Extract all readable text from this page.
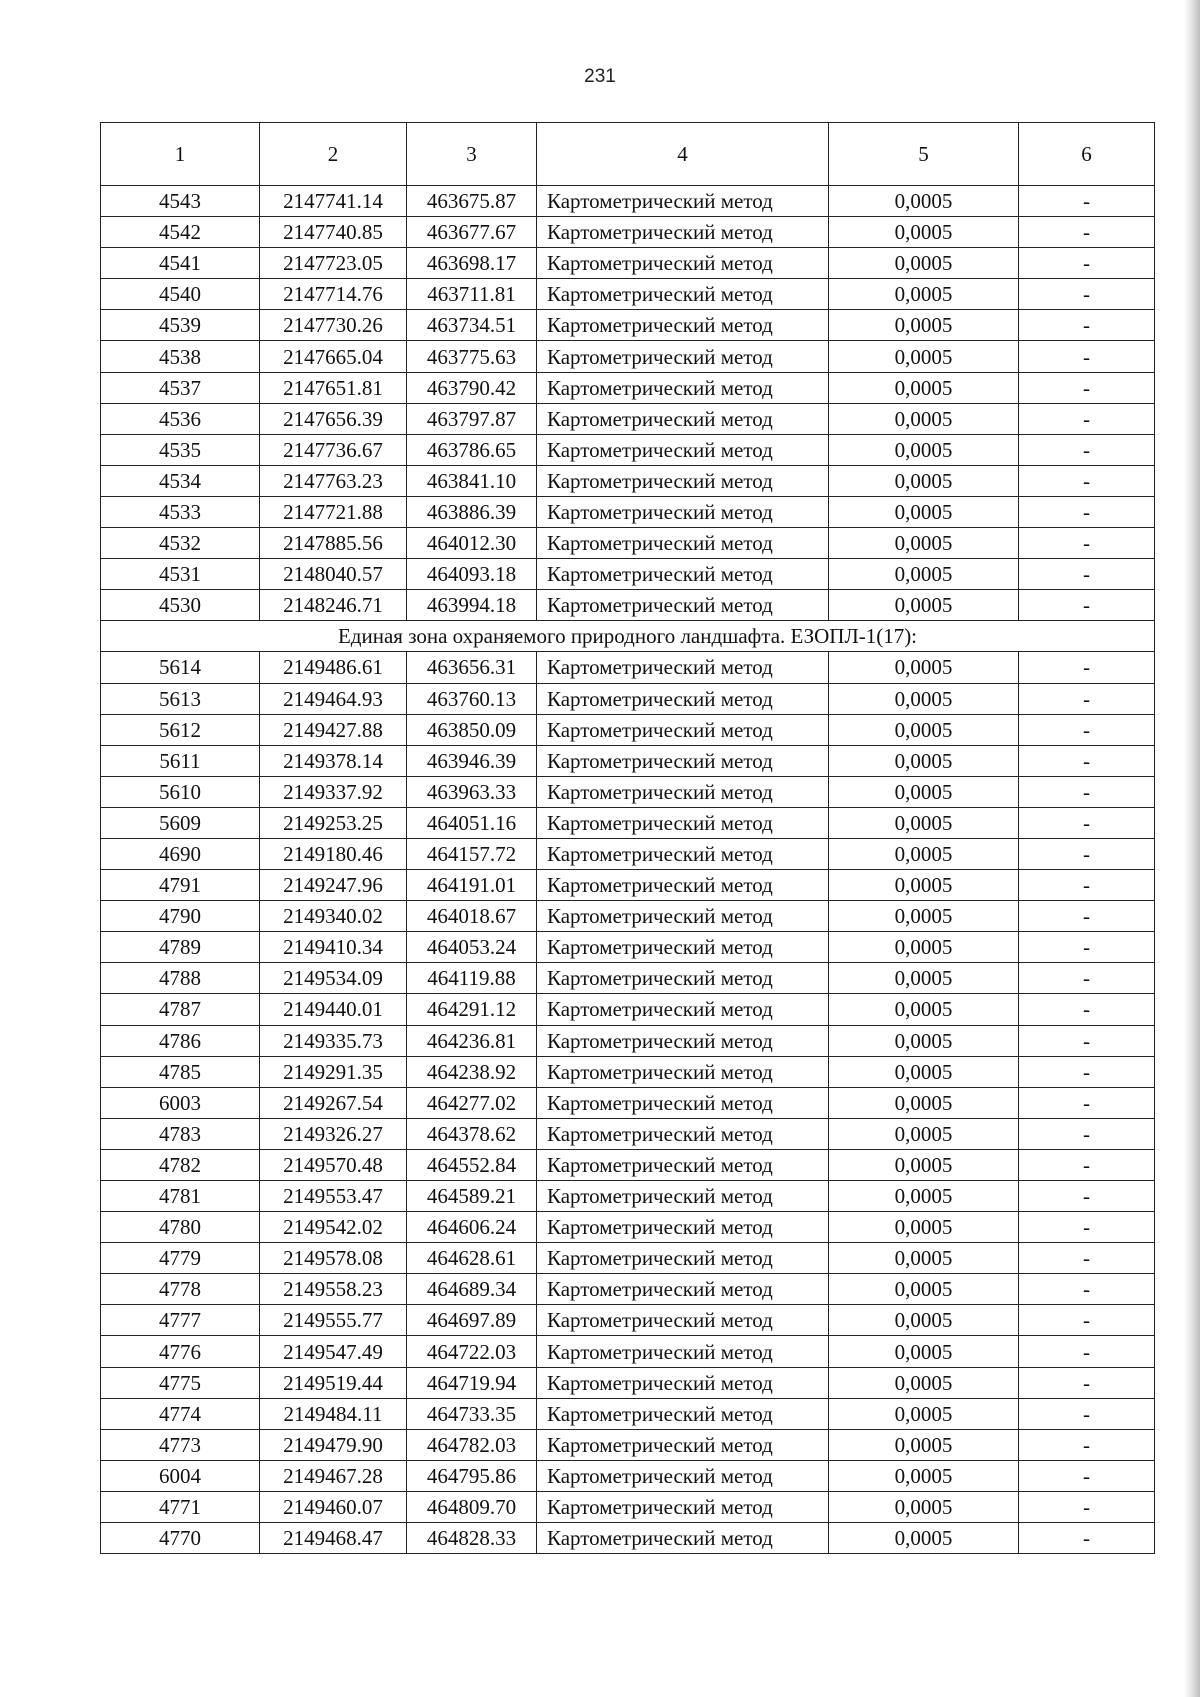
231
1	2	3	4	5	6
4543	2147741.14	463675.87	Картометрический метод	0,0005	-
4542	2147740.85	463677.67	Картометрический метод	0,0005	-
4541	2147723.05	463698.17	Картометрический метод	0,0005	-
4540	2147714.76	463711.81	Картометрический метод	0,0005	-
4539	2147730.26	463734.51	Картометрический метод	0,0005	-
4538	2147665.04	463775.63	Картометрический метод	0,0005	-
4537	2147651.81	463790.42	Картометрический метод	0,0005	-
4536	2147656.39	463797.87	Картометрический метод	0,0005	-
4535	2147736.67	463786.65	Картометрический метод	0,0005	-
4534	2147763.23	463841.10	Картометрический метод	0,0005	-
4533	2147721.88	463886.39	Картометрический метод	0,0005	-
4532	2147885.56	464012.30	Картометрический метод	0,0005	-
4531	2148040.57	464093.18	Картометрический метод	0,0005	-
4530	2148246.71	463994.18	Картометрический метод	0,0005	-
Единая зона охраняемого природного ландшафта. ЕЗОПЛ-1(17):					
5614	2149486.61	463656.31	Картометрический метод	0,0005	-
5613	2149464.93	463760.13	Картометрический метод	0,0005	-
5612	2149427.88	463850.09	Картометрический метод	0,0005	-
5611	2149378.14	463946.39	Картометрический метод	0,0005	-
5610	2149337.92	463963.33	Картометрический метод	0,0005	-
5609	2149253.25	464051.16	Картометрический метод	0,0005	-
4690	2149180.46	464157.72	Картометрический метод	0,0005	-
4791	2149247.96	464191.01	Картометрический метод	0,0005	-
4790	2149340.02	464018.67	Картометрический метод	0,0005	-
4789	2149410.34	464053.24	Картометрический метод	0,0005	-
4788	2149534.09	464119.88	Картометрический метод	0,0005	-
4787	2149440.01	464291.12	Картометрический метод	0,0005	-
4786	2149335.73	464236.81	Картометрический метод	0,0005	-
4785	2149291.35	464238.92	Картометрический метод	0,0005	-
6003	2149267.54	464277.02	Картометрический метод	0,0005	-
4783	2149326.27	464378.62	Картометрический метод	0,0005	-
4782	2149570.48	464552.84	Картометрический метод	0,0005	-
4781	2149553.47	464589.21	Картометрический метод	0,0005	-
4780	2149542.02	464606.24	Картометрический метод	0,0005	-
4779	2149578.08	464628.61	Картометрический метод	0,0005	-
4778	2149558.23	464689.34	Картометрический метод	0,0005	-
4777	2149555.77	464697.89	Картометрический метод	0,0005	-
4776	2149547.49	464722.03	Картометрический метод	0,0005	-
4775	2149519.44	464719.94	Картометрический метод	0,0005	-
4774	2149484.11	464733.35	Картометрический метод	0,0005	-
4773	2149479.90	464782.03	Картометрический метод	0,0005	-
6004	2149467.28	464795.86	Картометрический метод	0,0005	-
4771	2149460.07	464809.70	Картометрический метод	0,0005	-
4770	2149468.47	464828.33	Картометрический метод	0,0005	-
